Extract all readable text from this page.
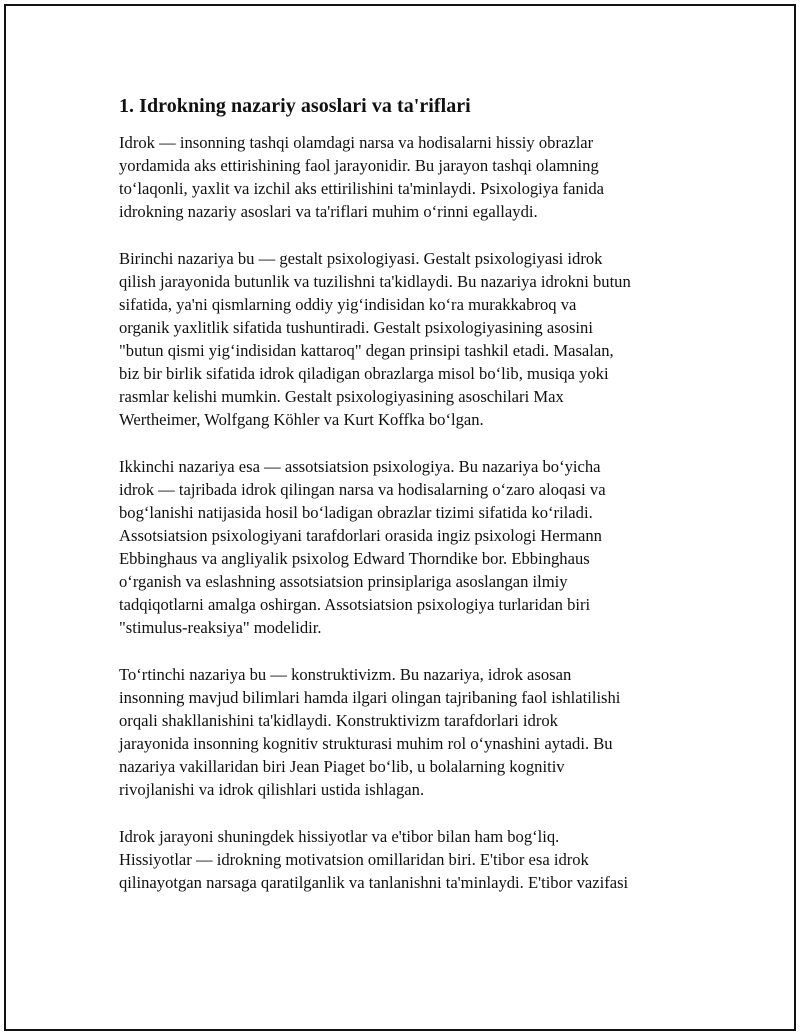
1. Idrokning nazariy asoslari va ta'riflari
Idrok — insonning tashqi olamdagi narsa va hodisalarni hissiy obrazlar
yordamida aks ettirishining faol jarayonidir. Bu jarayon tashqi olamning
to‘laqonli, yaxlit va izchil aks ettirilishini ta'minlaydi. Psixologiya fanida
idrokning nazariy asoslari va ta'riflari muhim o‘rinni egallaydi.
Birinchi nazariya bu — gestalt psixologiyasi. Gestalt psixologiyasi idrok
qilish jarayonida butunlik va tuzilishni ta'kidlaydi. Bu nazariya idrokni butun
sifatida, ya'ni qismlarning oddiy yig‘indisidan ko‘ra murakkabroq va
organik yaxlitlik sifatida tushuntiradi. Gestalt psixologiyasining asosini
"butun qismi yig‘indisidan kattaroq" degan prinsipi tashkil etadi. Masalan,
biz bir birlik sifatida idrok qiladigan obrazlarga misol bo‘lib, musiqa yoki
rasmlar kelishi mumkin. Gestalt psixologiyasining asoschilari Max
Wertheimer, Wolfgang Köhler va Kurt Koffka bo‘lgan.
Ikkinchi nazariya esa — assotsiatsion psixologiya. Bu nazariya bo‘yicha
idrok — tajribada idrok qilingan narsa va hodisalarning o‘zaro aloqasi va
bog‘lanishi natijasida hosil bo‘ladigan obrazlar tizimi sifatida ko‘riladi.
Assotsiatsion psixologiyani tarafdorlari orasida ingiz psixologi Hermann
Ebbinghaus va angliyalik psixolog Edward Thorndike bor. Ebbinghaus
o‘rganish va eslashning assotsiatsion prinsiplariga asoslangan ilmiy
tadqiqotlarni amalga oshirgan. Assotsiatsion psixologiya turlaridan biri
"stimulus-reaksiya" modelidir.
To‘rtinchi nazariya bu — konstruktivizm. Bu nazariya, idrok asosan
insonning mavjud bilimlari hamda ilgari olingan tajribaning faol ishlatilishi
orqali shakllanishini ta'kidlaydi. Konstruktivizm tarafdorlari idrok
jarayonida insonning kognitiv strukturasi muhim rol o‘ynashini aytadi. Bu
nazariya vakillaridan biri Jean Piaget bo‘lib, u bolalarning kognitiv
rivojlanishi va idrok qilishlari ustida ishlagan.
Idrok jarayoni shuningdek hissiyotlar va e'tibor bilan ham bog‘liq.
Hissiyotlar — idrokning motivatsion omillaridan biri. E'tibor esa idrok
qilinayotgan narsaga qaratilganlik va tanlanishni ta'minlaydi. E'tibor vazifasi
